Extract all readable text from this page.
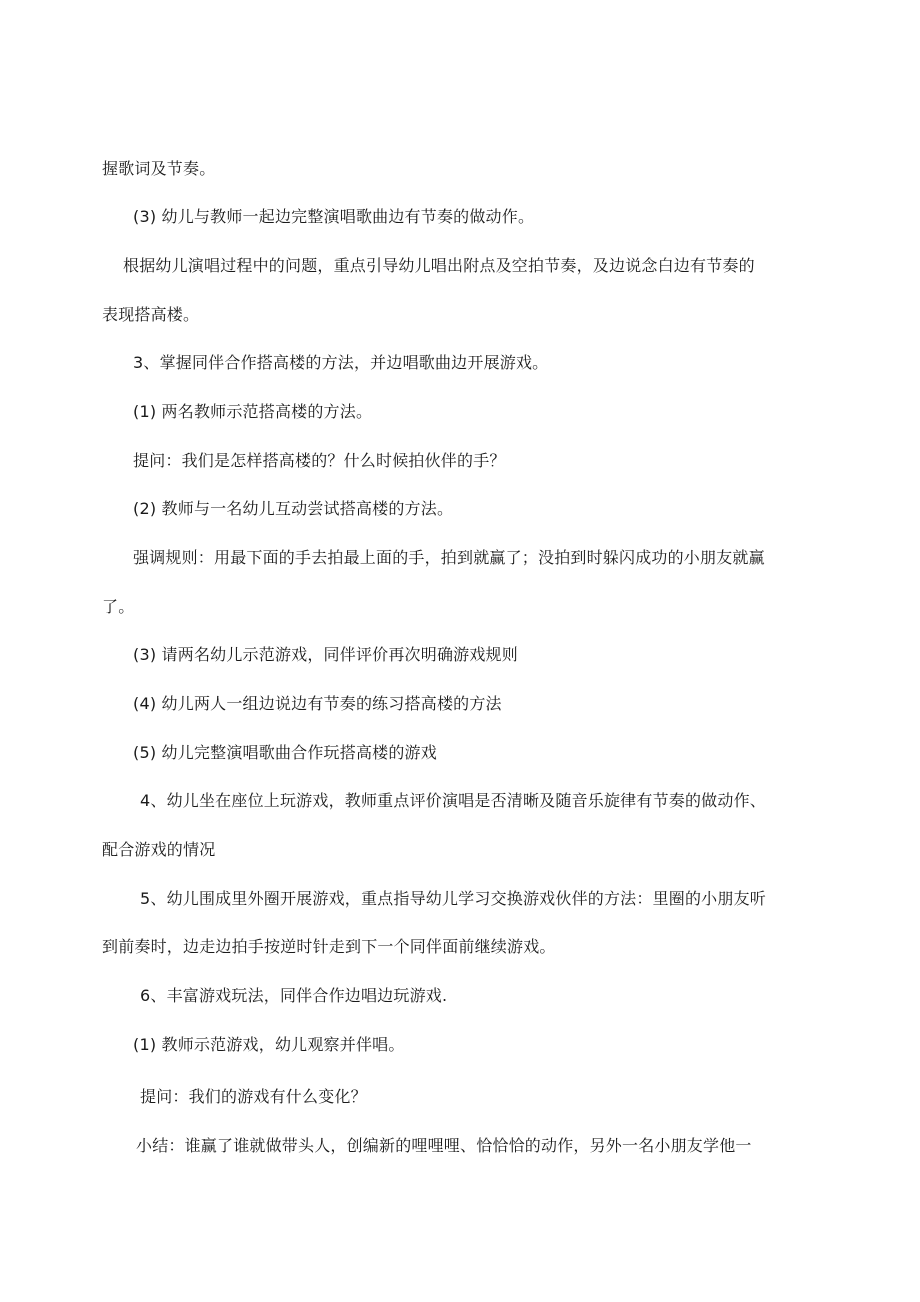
握歌词及节奏。
(3) 幼儿与教师一起边完整演唱歌曲边有节奏的做动作。
根据幼儿演唱过程中的问题，重点引导幼儿唱出附点及空拍节奏，及边说念白边有节奏的
表现搭高楼。
3、掌握同伴合作搭高楼的方法，并边唱歌曲边开展游戏。
(1) 两名教师示范搭高楼的方法。
提问：我们是怎样搭高楼的？什么时候拍伙伴的手？
(2) 教师与一名幼儿互动尝试搭高楼的方法。
强调规则：用最下面的手去拍最上面的手，拍到就赢了；没拍到时躲闪成功的小朋友就赢
了。
(3) 请两名幼儿示范游戏，同伴评价再次明确游戏规则
(4) 幼儿两人一组边说边有节奏的练习搭高楼的方法
(5) 幼儿完整演唱歌曲合作玩搭高楼的游戏
4、幼儿坐在座位上玩游戏，教师重点评价演唱是否清晰及随音乐旋律有节奏的做动作、
配合游戏的情况
5、幼儿围成里外圈开展游戏，重点指导幼儿学习交换游戏伙伴的方法：里圈的小朋友听
到前奏时，边走边拍手按逆时针走到下一个同伴面前继续游戏。
6、丰富游戏玩法，同伴合作边唱边玩游戏.
(1) 教师示范游戏，幼儿观察并伴唱。
提问：我们的游戏有什么变化？
小结：谁赢了谁就做带头人，创编新的哩哩哩、恰恰恰的动作，另外一名小朋友学他一
